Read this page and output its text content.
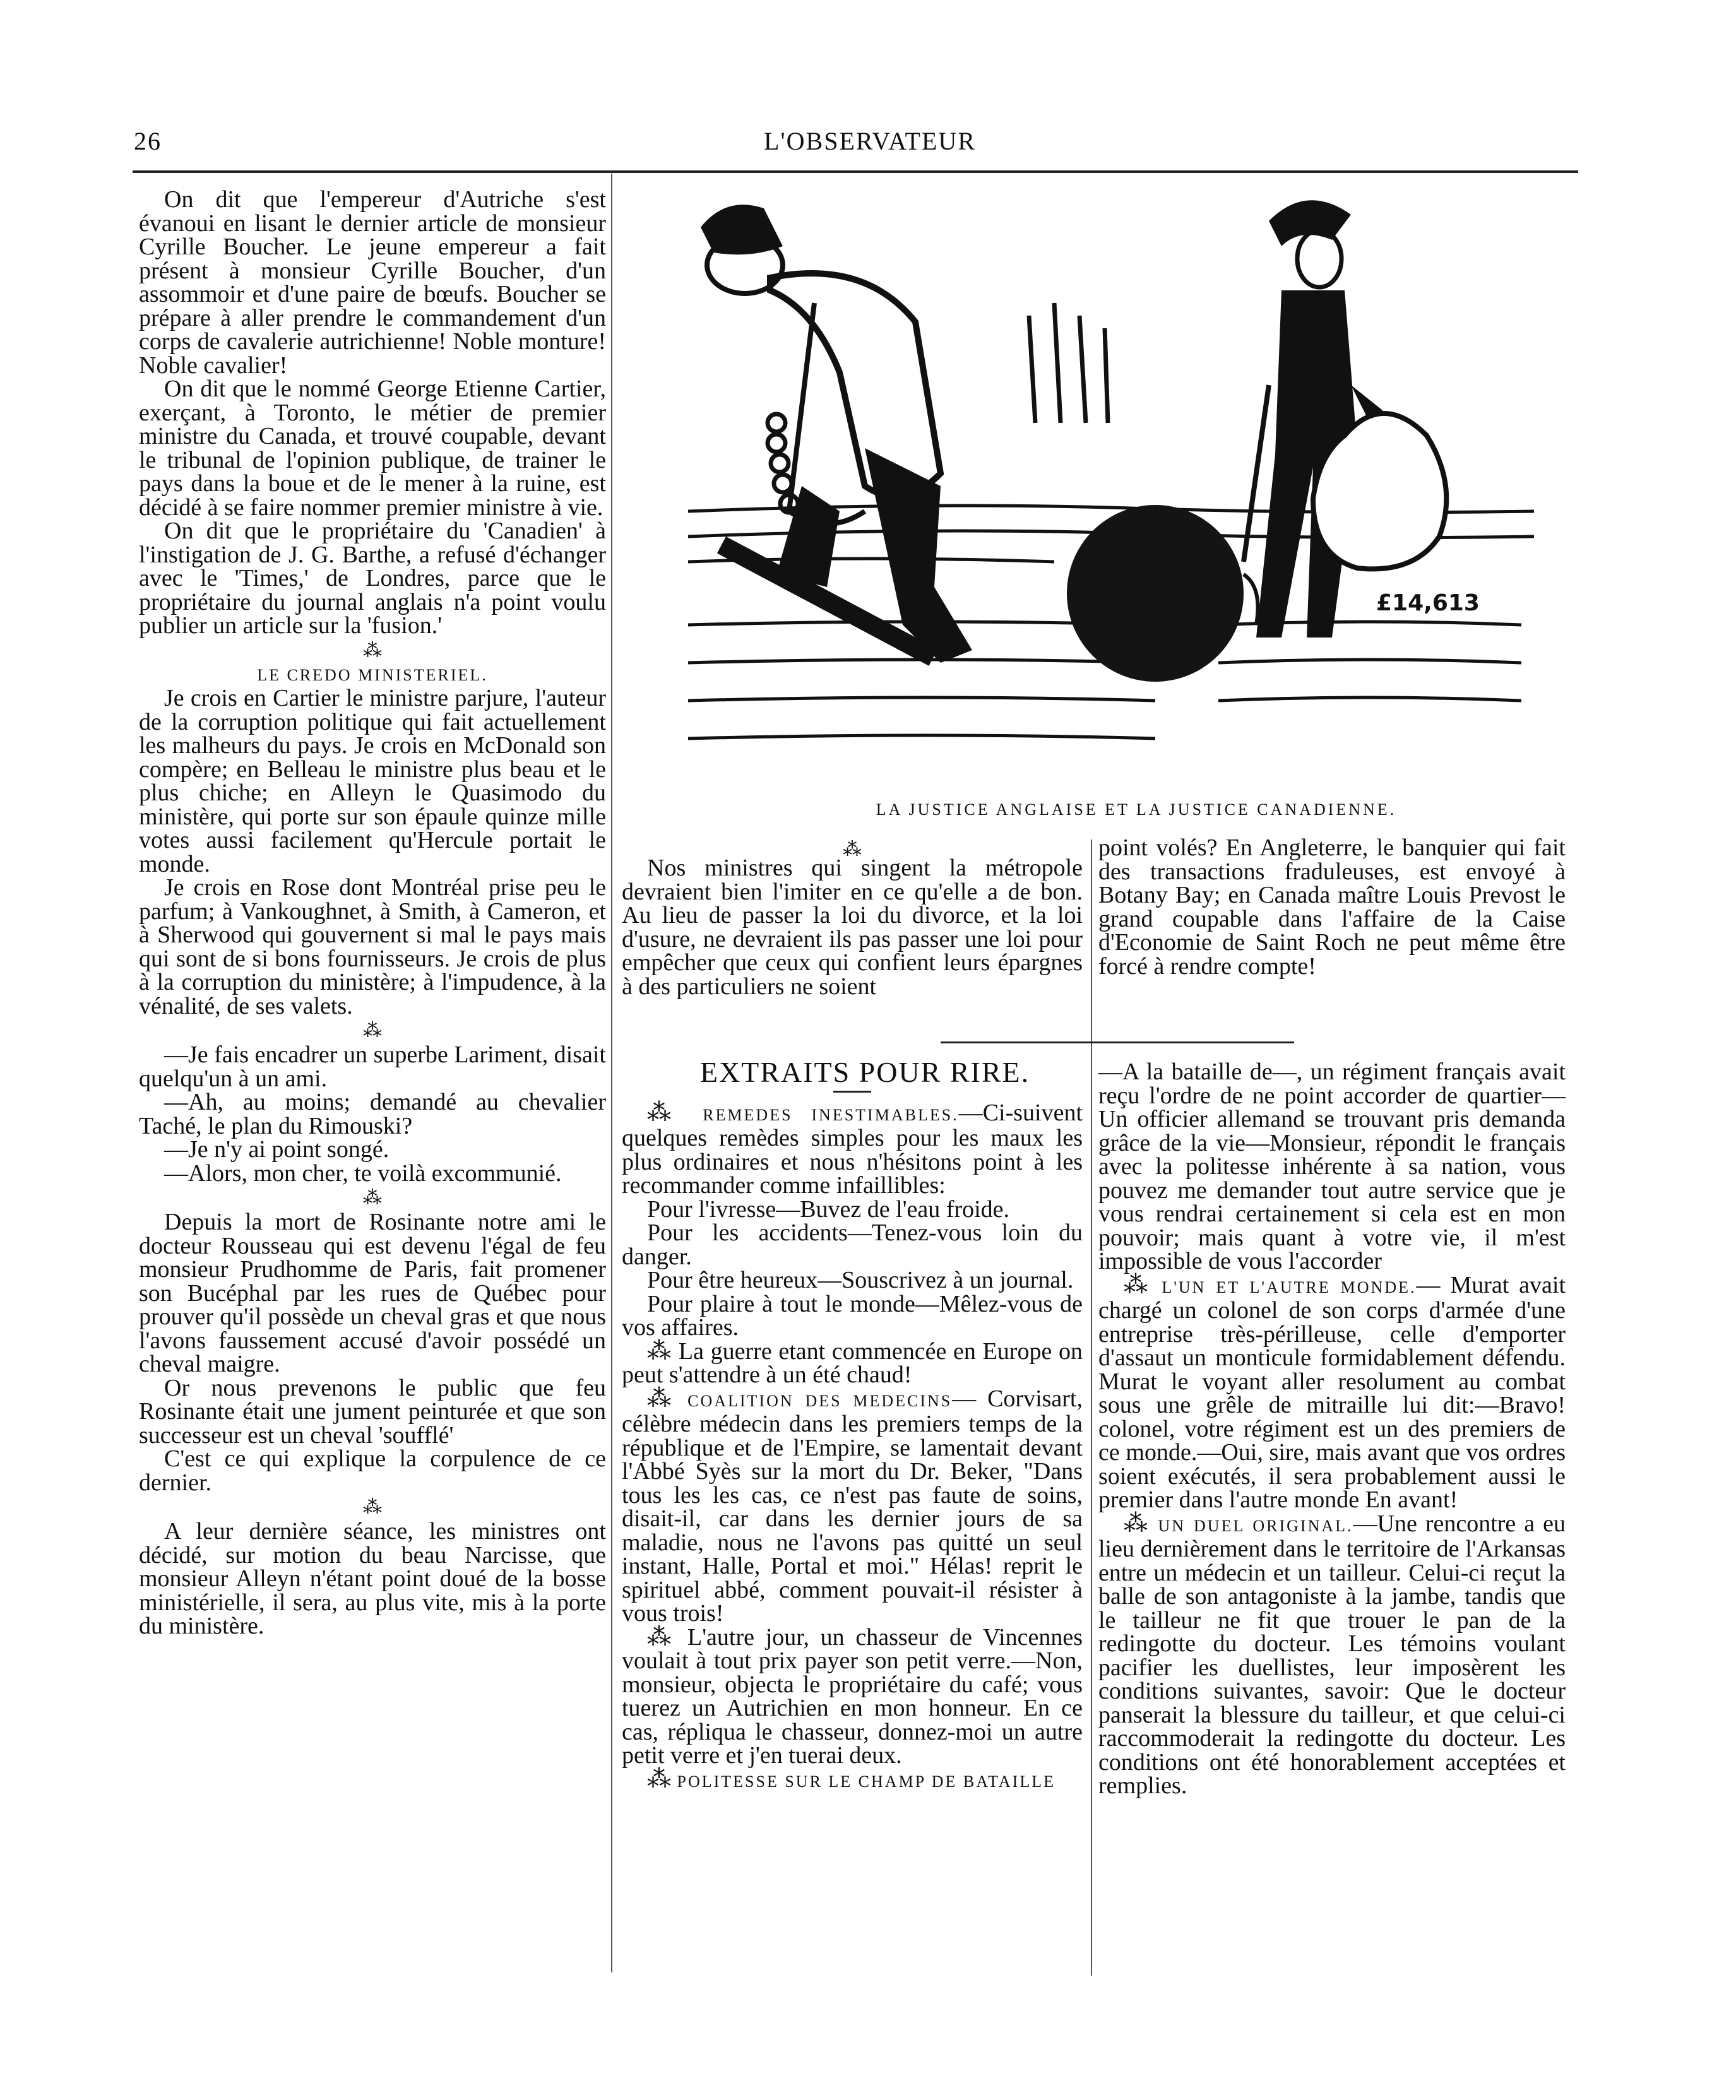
26	L'OBSERVATEUR
£14,613
LA JUSTICE ANGLAISE ET LA JUSTICE CANADIENNE.

On dit que l'empereur d'Autriche s'est évanoui en lisant le dernier article de monsieur Cyrille Boucher. Le jeune empereur a fait présent à monsieur Cyrille Boucher, d'un assommoir et d'une paire de bœufs. Boucher se prépare à aller prendre le commandement d'un corps de cavalerie autrichienne! Noble monture! Noble cavalier!

On dit que le nommé George Etienne Cartier, exerçant, à Toronto, le métier de premier ministre du Canada, et trouvé coupable, devant le tribunal de l'opinion publique, de trainer le pays dans la boue et de le mener à la ruine, est décidé à se faire nommer premier ministre à vie.

On dit que le propriétaire du 'Canadien' à l'instigation de J. G. Barthe, a refusé d'échanger avec le 'Times,' de Londres, parce que le propriétaire du journal anglais n'a point voulu publier un article sur la 'fusion.'

⁂

LE CREDO MINISTERIEL.

Je crois en Cartier le ministre parjure, l'auteur de la corruption politique qui fait actuellement les malheurs du pays. Je crois en McDonald son compère; en Belleau le ministre plus beau et le plus chiche; en Alleyn le Quasimodo du ministère, qui porte sur son épaule quinze mille votes aussi facilement qu'Hercule portait le monde.

Je crois en Rose dont Montréal prise peu le parfum; à Vankoughnet, à Smith, à Cameron, et à Sherwood qui gouvernent si mal le pays mais qui sont de si bons fournisseurs. Je crois de plus à la corruption du ministère; à l'impudence, à la vénalité, de ses valets.

⁂

—Je fais encadrer un superbe Lariment, disait quelqu'un à un ami.

—Ah, au moins; demandé au chevalier Taché, le plan du Rimouski?

—Je n'y ai point songé.

—Alors, mon cher, te voilà excommunié.

⁂

Depuis la mort de Rosinante notre ami le docteur Rousseau qui est devenu l'égal de feu monsieur Prudhomme de Paris, fait promener son Bucéphal par les rues de Québec pour prouver qu'il possède un cheval gras et que nous l'avons faussement accusé d'avoir possédé un cheval maigre.

Or nous prevenons le public que feu Rosinante était une jument peinturée et que son successeur est un cheval 'soufflé'

C'est ce qui explique la corpulence de ce dernier.

⁂

A leur dernière séance, les ministres ont décidé, sur motion du beau Narcisse, que monsieur Alleyn n'étant point doué de la bosse ministérielle, il sera, au plus vite, mis à la porte du ministère.

⁂

Nos ministres qui singent la métropole devraient bien l'imiter en ce qu'elle a de bon. Au lieu de passer la loi du divorce, et la loi d'usure, ne devraient ils pas passer une loi pour empêcher que ceux qui confient leurs épargnes à des particuliers ne soient

point volés? En Angleterre, le banquier qui fait des transactions fraduleuses, est envoyé à Botany Bay; en Canada maître Louis Prevost le grand coupable dans l'affaire de la Caise d'Economie de Saint Roch ne peut même être forcé à rendre compte!

EXTRAITS POUR RIRE.

⁂ REMEDES INESTIMABLES.—Ci-suivent quelques remèdes simples pour les maux les plus ordinaires et nous n'hésitons point à les recommander comme infaillibles:

Pour l'ivresse—Buvez de l'eau froide.

Pour les accidents—Tenez-vous loin du danger.

Pour être heureux—Souscrivez à un journal.

Pour plaire à tout le monde—Mêlez-vous de vos affaires.

⁂ La guerre etant commencée en Europe on peut s'attendre à un été chaud!

⁂ COALITION DES MEDECINS— Corvisart, célèbre médecin dans les premiers temps de la république et de l'Empire, se lamentait devant l'Abbé Syès sur la mort du Dr. Beker, "Dans tous les les cas, ce n'est pas faute de soins, disait-il, car dans les dernier jours de sa maladie, nous ne l'avons pas quitté un seul instant, Halle, Portal et moi." Hélas! reprit le spirituel abbé, comment pouvait-il résister à vous trois!

⁂ L'autre jour, un chasseur de Vincennes voulait à tout prix payer son petit verre.—Non, monsieur, objecta le propriétaire du café; vous tuerez un Autrichien en mon honneur. En ce cas, répliqua le chasseur, donnez-moi un autre petit verre et j'en tuerai deux.

⁂ POLITESSE SUR LE CHAMP DE BATAILLE

—A la bataille de—, un régiment français avait reçu l'ordre de ne point accorder de quartier—Un officier allemand se trouvant pris demanda grâce de la vie—Monsieur, répondit le français avec la politesse inhérente à sa nation, vous pouvez me demander tout autre service que je vous rendrai certainement si cela est en mon pouvoir; mais quant à votre vie, il m'est impossible de vous l'accorder

⁂ L'UN ET L'AUTRE MONDE.— Murat avait chargé un colonel de son corps d'armée d'une entreprise très-périlleuse, celle d'emporter d'assaut un monticule formidablement défendu. Murat le voyant aller resolument au combat sous une grêle de mitraille lui dit:—Bravo! colonel, votre régiment est un des premiers de ce monde.—Oui, sire, mais avant que vos ordres soient exécutés, il sera probablement aussi le premier dans l'autre monde En avant!

⁂ UN DUEL ORIGINAL.—Une rencontre a eu lieu dernièrement dans le territoire de l'Arkansas entre un médecin et un tailleur. Celui-ci reçut la balle de son antagoniste à la jambe, tandis que le tailleur ne fit que trouer le pan de la redingotte du docteur. Les témoins voulant pacifier les duellistes, leur imposèrent les conditions suivantes, savoir: Que le docteur panserait la blessure du tailleur, et que celui-ci raccommoderait la redingotte du docteur. Les conditions ont été honorablement acceptées et remplies.
